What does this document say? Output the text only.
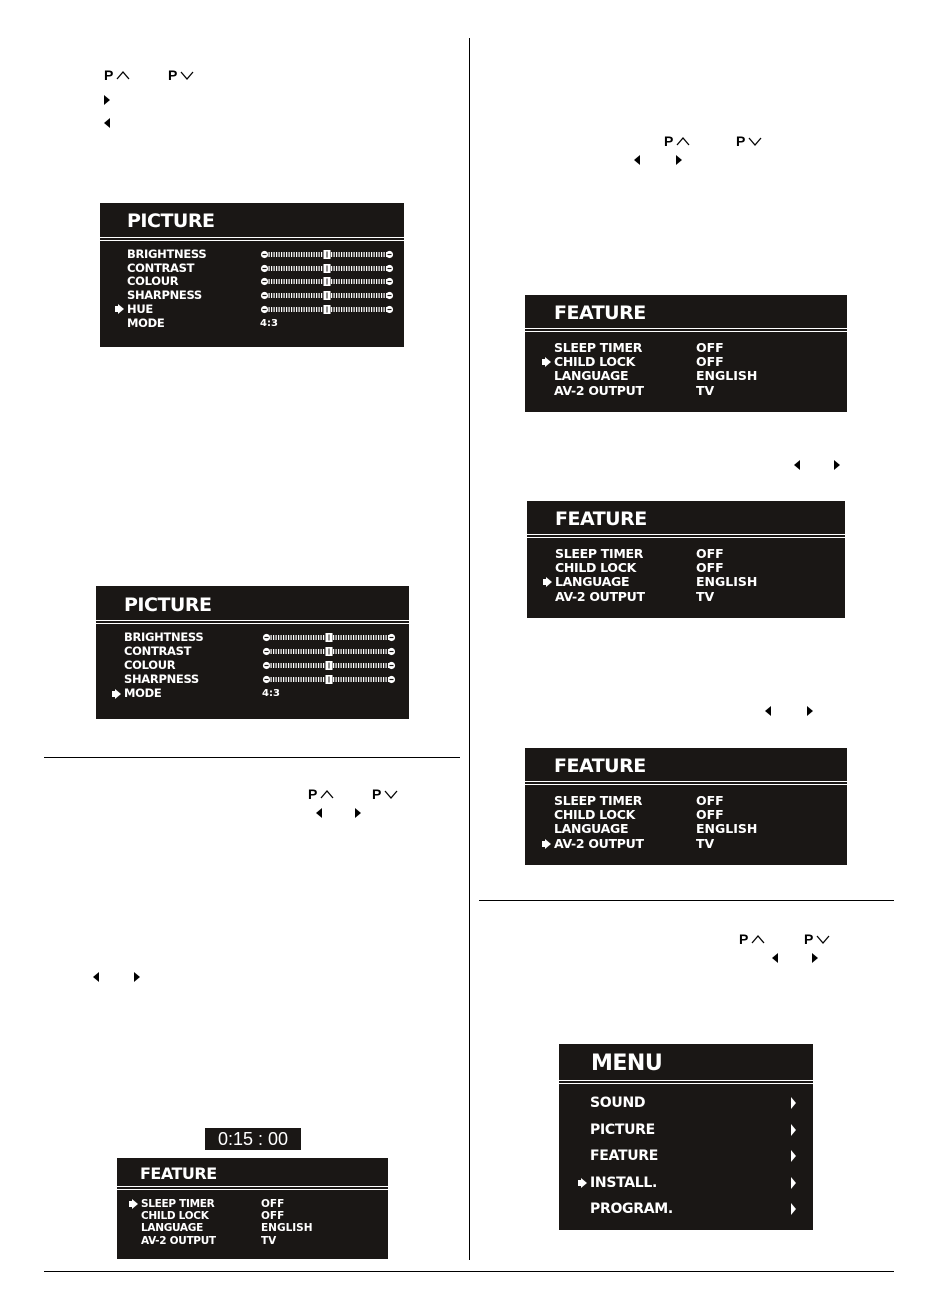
P	P
PICTURE
BRIGHTNESS
CONTRAST
COLOUR
SHARPNESS
HUE
MODE	4:3
PICTURE
BRIGHTNESS
CONTRAST
COLOUR
SHARPNESS
MODE	4:3
P	P
0:15 : 00
FEATURE
SLEEP TIMER	OFF
CHILD LOCK	OFF
LANGUAGE	ENGLISH
AV-2 OUTPUT	TV
P	P
FEATURE
SLEEP TIMER	OFF
CHILD LOCK	OFF
LANGUAGE	ENGLISH
AV-2 OUTPUT	TV
FEATURE
SLEEP TIMER	OFF
CHILD LOCK	OFF
LANGUAGE	ENGLISH
AV-2 OUTPUT	TV
FEATURE
SLEEP TIMER	OFF
CHILD LOCK	OFF
LANGUAGE	ENGLISH
AV-2 OUTPUT	TV
P	P
MENU
SOUND
PICTURE
FEATURE
INSTALL.
PROGRAM.
